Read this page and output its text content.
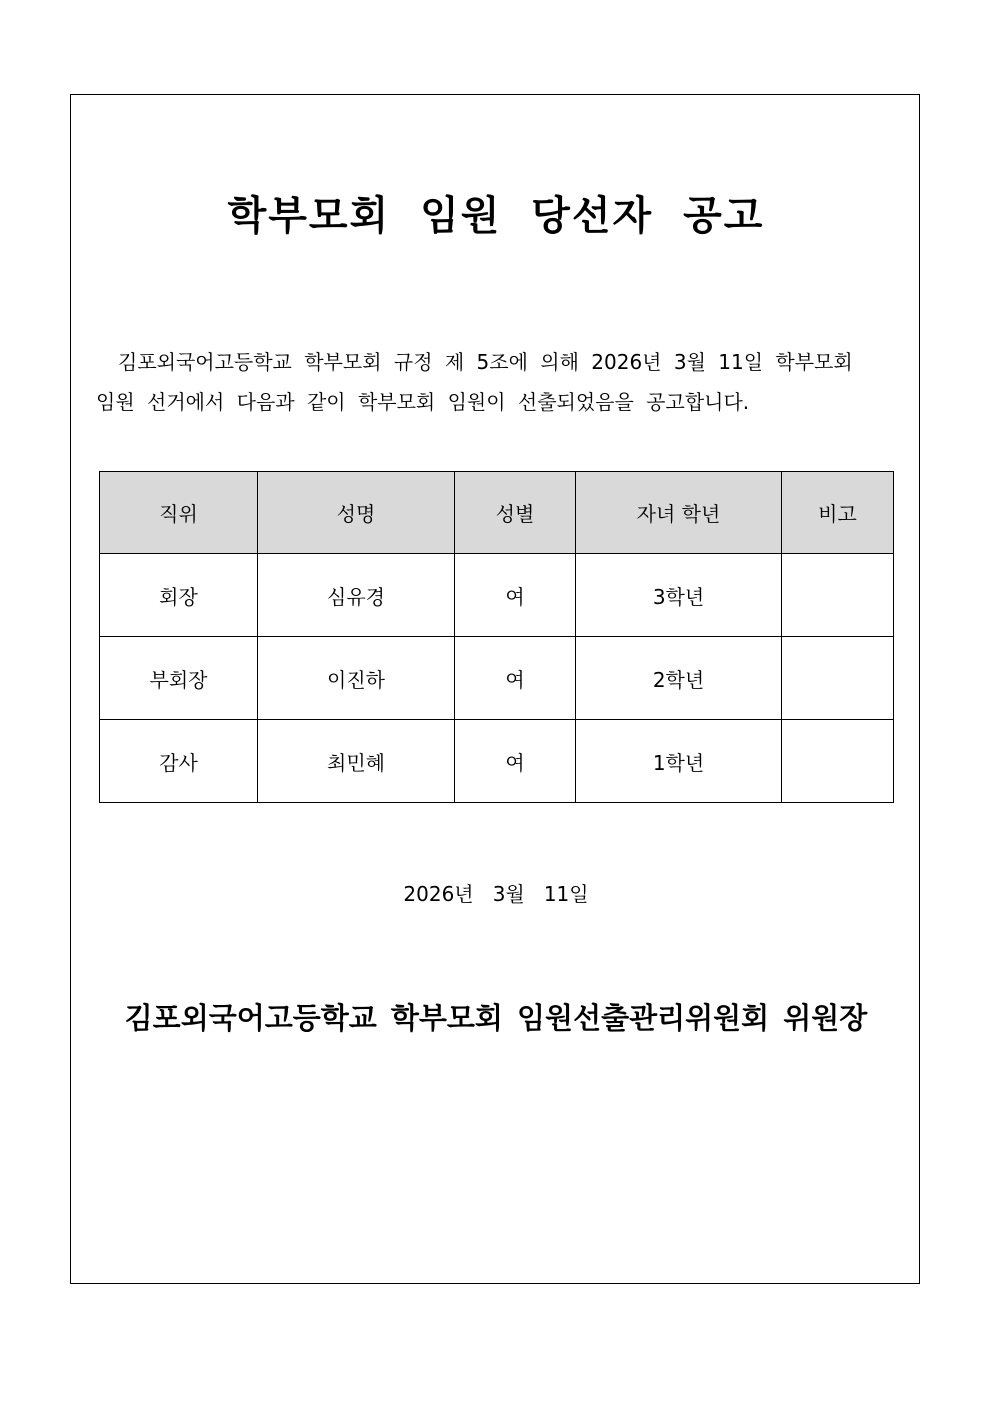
학부모회 임원 당선자 공고
김포외국어고등학교 학부모회 규정 제 5조에 의해 2026년 3월 11일 학부모회
임원 선거에서 다음과 같이 학부모회 임원이 선출되었음을 공고합니다.
직위	성명	성별	자녀 학년	비고
회장	심유경	여	3학년	
부회장	이진하	여	2학년	
감사	최민혜	여	1학년	
2026년   3월   11일
김포외국어고등학교 학부모회 임원선출관리위원회 위원장
